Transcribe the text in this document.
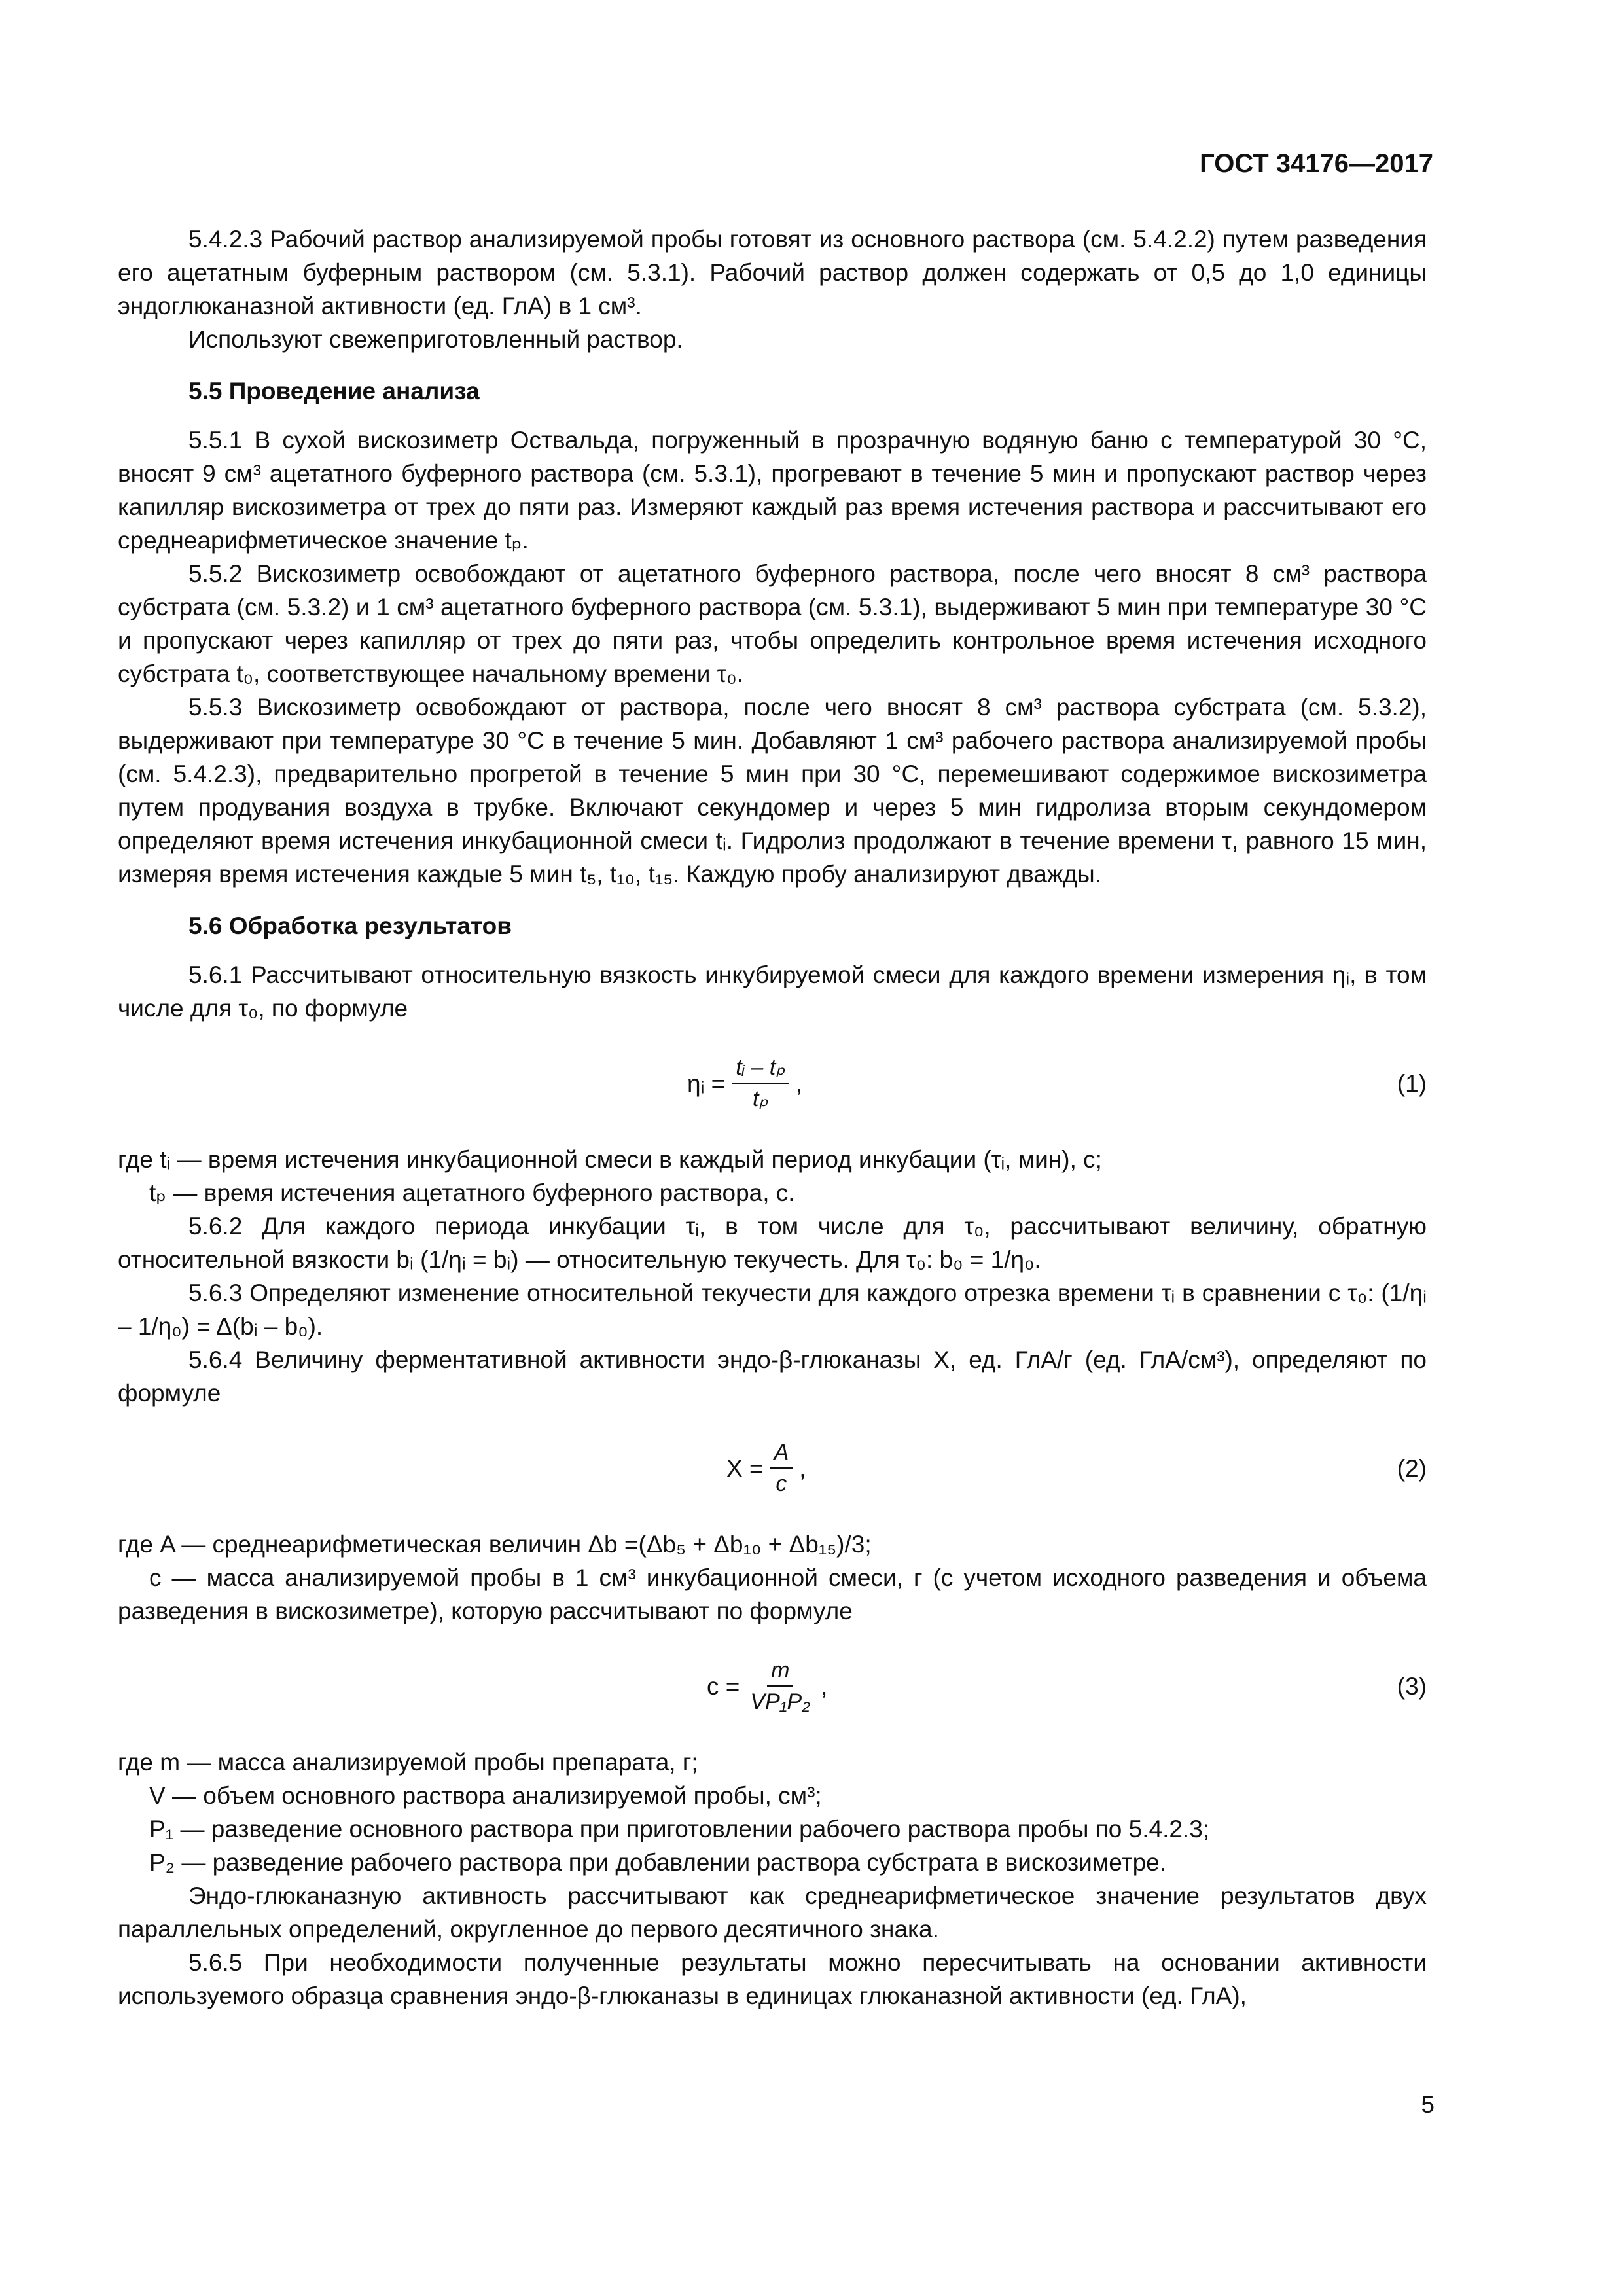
ГОСТ 34176—2017

5.4.2.3 Рабочий раствор анализируемой пробы готовят из основного раствора (см. 5.4.2.2) путем разведения его ацетатным буферным раствором (см. 5.3.1). Рабочий раствор должен содержать от 0,5 до 1,0 единицы эндоглюканазной активности (ед. ГлА) в 1 см³.

Используют свежеприготовленный раствор.

5.5 Проведение анализа

5.5.1 В сухой вискозиметр Оствальда, погруженный в прозрачную водяную баню с температурой 30 °С, вносят 9 см³ ацетатного буферного раствора (см. 5.3.1), прогревают в течение 5 мин и пропускают раствор через капилляр вискозиметра от трех до пяти раз. Измеряют каждый раз время истечения раствора и рассчитывают его среднеарифметическое значение tₚ.

5.5.2 Вискозиметр освобождают от ацетатного буферного раствора, после чего вносят 8 см³ раствора субстрата (см. 5.3.2) и 1 см³ ацетатного буферного раствора (см. 5.3.1), выдерживают 5 мин при температуре 30 °С и пропускают через капилляр от трех до пяти раз, чтобы определить контрольное время истечения исходного субстрата t₀, соответствующее начальному времени τ₀.

5.5.3 Вискозиметр освобождают от раствора, после чего вносят 8 см³ раствора субстрата (см. 5.3.2), выдерживают при температуре 30 °С в течение 5 мин. Добавляют 1 см³ рабочего раствора анализируемой пробы (см. 5.4.2.3), предварительно прогретой в течение 5 мин при 30 °С, перемешивают содержимое вискозиметра путем продувания воздуха в трубке. Включают секундомер и через 5 мин гидролиза вторым секундомером определяют время истечения инкубационной смеси tᵢ. Гидролиз продолжают в течение времени τ, равного 15 мин, измеряя время истечения каждые 5 мин t₅, t₁₀, t₁₅. Каждую пробу анализируют дважды.

5.6 Обработка результатов

5.6.1 Рассчитывают относительную вязкость инкубируемой смеси для каждого времени измерения ηᵢ, в том числе для τ₀, по формуле

ηᵢ = $\frac{\text{tᵢ – tₚ}}{\text{tₚ}}$ ,	(1)

где tᵢ — время истечения инкубационной смеси в каждый период инкубации (τᵢ, мин), с;

tₚ — время истечения ацетатного буферного раствора, с.

5.6.2 Для каждого периода инкубации τᵢ, в том числе для τ₀, рассчитывают величину, обратную относительной вязкости bᵢ (1/ηᵢ = bᵢ) — относительную текучесть. Для τ₀: b₀ = 1/η₀.

5.6.3 Определяют изменение относительной текучести для каждого отрезка времени τᵢ в сравнении с τ₀: (1/ηᵢ – 1/η₀) = Δ(bᵢ – b₀).

5.6.4 Величину ферментативной активности эндо-β-глюканазы X, ед. ГлА/г (ед. ГлА/см³), определяют по формуле

$X = \frac{A}{c}$ ,	(2)

где A — среднеарифметическая величин Δb =(Δb₅ + Δb₁₀ + Δb₁₅)/3;

c — масса анализируемой пробы в 1 см³ инкубационной смеси, г (с учетом исходного разведения и объема разведения в вискозиметре), которую рассчитывают по формуле

$c = \frac{m}{\text{VP₁P₂}}$ ,	(3)

где m — масса анализируемой пробы препарата, г;

V — объем основного раствора анализируемой пробы, см³;

P₁ — разведение основного раствора при приготовлении рабочего раствора пробы по 5.4.2.3;

P₂ — разведение рабочего раствора при добавлении раствора субстрата в вискозиметре.

Эндо-глюканазную активность рассчитывают как среднеарифметическое значение результатов двух параллельных определений, округленное до первого десятичного знака.

5.6.5 При необходимости полученные результаты можно пересчитывать на основании активности используемого образца сравнения эндо-β-глюканазы в единицах глюканазной активности (ед. ГлА),

5
